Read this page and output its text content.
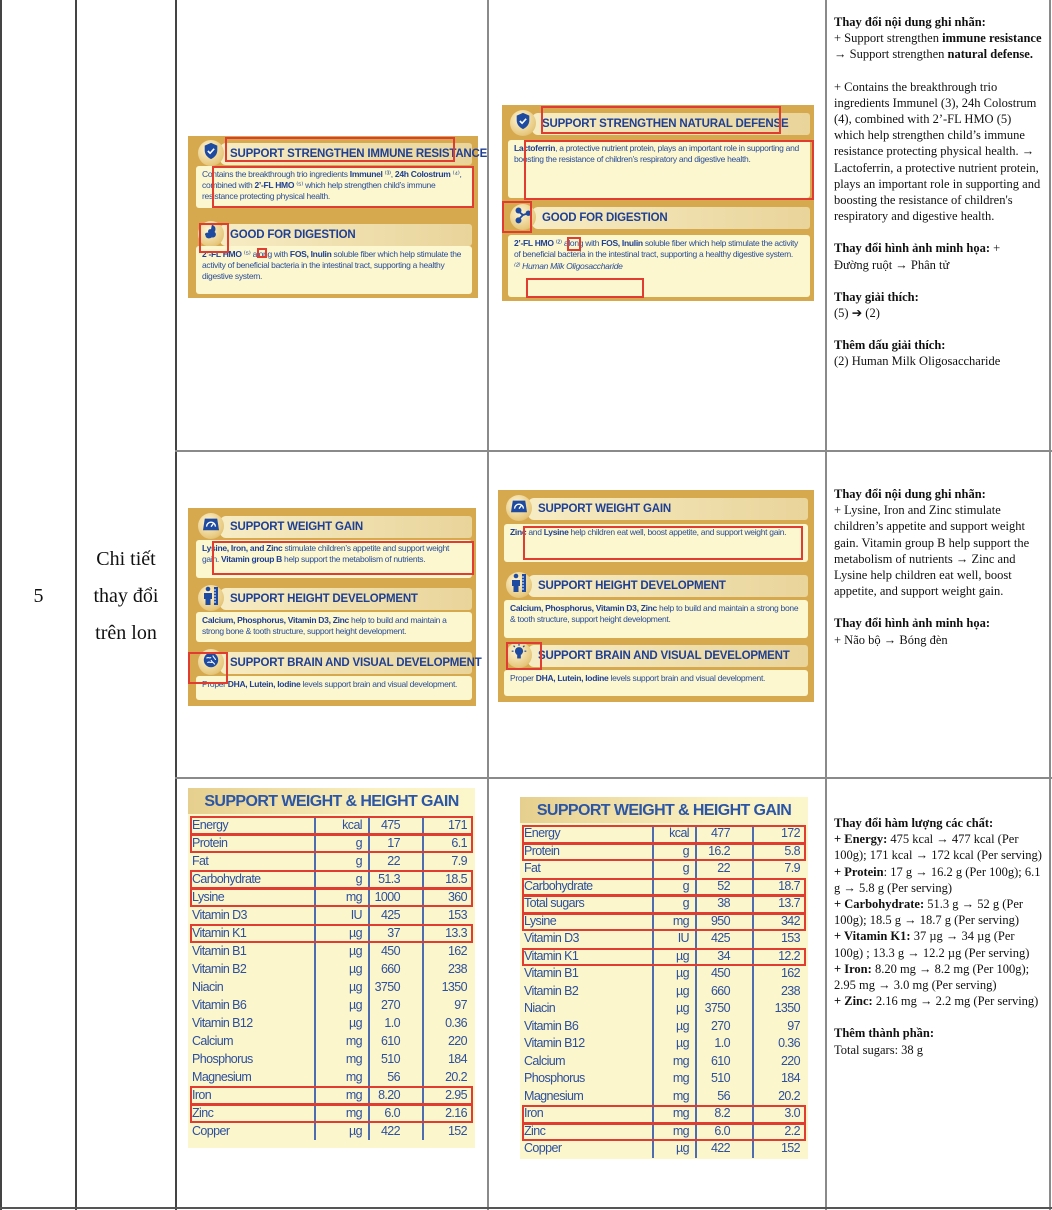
5
Chi tiết
thay đổi
trên lon
SUPPORT STRENGTHEN IMMUNE RESISTANCE
Contains the breakthrough trio ingredients Immunel ⁽³⁾, 24h Colostrum ⁽⁴⁾, combined with 2’-FL HMO ⁽⁵⁾ which help strengthen child’s immune resistance protecting physical health.
GOOD FOR DIGESTION
2’-FL HMO ⁽⁵⁾ along with FOS, Inulin soluble fiber which help stimulate the activity of beneficial bacteria in the intestinal tract, supporting a healthy digestive system.
SUPPORT STRENGTHEN NATURAL DEFENSE
Lactoferrin, a protective nutrient protein, plays an important role in supporting and boosting the resistance of children’s respiratory and digestive health.
GOOD FOR DIGESTION
2’-FL HMO ⁽²⁾ along with FOS, Inulin soluble fiber which help stimulate the activity of beneficial bacteria in the intestinal tract, supporting a healthy digestive system.
⁽²⁾ Human Milk Oligosaccharide
SUPPORT WEIGHT GAIN
Lysine, Iron, and Zinc stimulate children’s appetite and support weight gain. Vitamin group B help support the metabolism of nutrients.
SUPPORT HEIGHT DEVELOPMENT
Calcium, Phosphorus, Vitamin D3, Zinc help to build and maintain a strong bone & tooth structure, support height development.
SUPPORT BRAIN AND VISUAL DEVELOPMENT
Proper DHA, Lutein, Iodine levels support brain and visual development.
SUPPORT WEIGHT GAIN
Zinc and Lysine help children eat well, boost appetite, and support weight gain.
SUPPORT HEIGHT DEVELOPMENT
Calcium, Phosphorus, Vitamin D3, Zinc help to build and maintain a strong bone & tooth structure, support height development.
SUPPORT BRAIN AND VISUAL DEVELOPMENT
Proper DHA, Lutein, Iodine levels support brain and visual development.
SUPPORT WEIGHT & HEIGHT GAIN
Energy	kcal	475	171
Protein	g	17	6.1
Fat	g	22	7.9
Carbohydrate	g	51.3	18.5
Lysine	mg	1000	360
Vitamin D3	IU	425	153
Vitamin K1	µg	37	13.3
Vitamin B1	µg	450	162
Vitamin B2	µg	660	238
Niacin	µg	3750	1350
Vitamin B6	µg	270	97
Vitamin B12	µg	1.0	0.36
Calcium	mg	610	220
Phosphorus	mg	510	184
Magnesium	mg	56	20.2
Iron	mg	8.20	2.95
Zinc	mg	6.0	2.16
Copper	µg	422	152
SUPPORT WEIGHT & HEIGHT GAIN
Energy	kcal	477	172
Protein	g	16.2	5.8
Fat	g	22	7.9
Carbohydrate	g	52	18.7
Total sugars	g	38	13.7
Lysine	mg	950	342
Vitamin D3	IU	425	153
Vitamin K1	µg	34	12.2
Vitamin B1	µg	450	162
Vitamin B2	µg	660	238
Niacin	µg	3750	1350
Vitamin B6	µg	270	97
Vitamin B12	µg	1.0	0.36
Calcium	mg	610	220
Phosphorus	mg	510	184
Magnesium	mg	56	20.2
Iron	mg	8.2	3.0
Zinc	mg	6.0	2.2
Copper	µg	422	152

Thay đổi nội dung ghi nhãn:
+ Support strengthen immune resistance → Support strengthen natural defense.
+ Contains the breakthrough trio ingredients Immunel (3), 24h Colostrum (4), combined with 2’-FL HMO (5) which help strengthen child’s immune resistance protecting physical health. → Lactoferrin, a protective nutrient protein, plays an important role in supporting and boosting the resistance of children's respiratory and digestive health.

Thay đổi hình ảnh minh họa: +
Đường ruột → Phân tử

Thay giải thích:
(5) ➔ (2)

Thêm dấu giải thích:
(2) Human Milk Oligosaccharide

Thay đổi nội dung ghi nhãn:
+ Lysine, Iron and Zinc stimulate children’s appetite and support weight gain. Vitamin group B help support the metabolism of nutrients → Zinc and Lysine help children eat well, boost appetite, and support weight gain.

Thay đổi hình ảnh minh họa:
+ Não bộ → Bóng đèn

Thay đổi hàm lượng các chất:
+ Energy: 475 kcal → 477 kcal (Per 100g); 171 kcal → 172 kcal (Per serving)
+ Protein: 17 g → 16.2 g (Per 100g); 6.1 g → 5.8 g (Per serving)
+ Carbohydrate: 51.3 g → 52 g (Per 100g); 18.5 g → 18.7 g (Per serving)
+ Vitamin K1: 37 µg → 34 µg (Per 100g) ; 13.3 g → 12.2 µg (Per serving)
+ Iron: 8.20 mg → 8.2 mg (Per 100g); 2.95 mg → 3.0 mg (Per serving)
+ Zinc: 2.16 mg → 2.2 mg (Per serving)

Thêm thành phần:
Total sugars: 38 g
